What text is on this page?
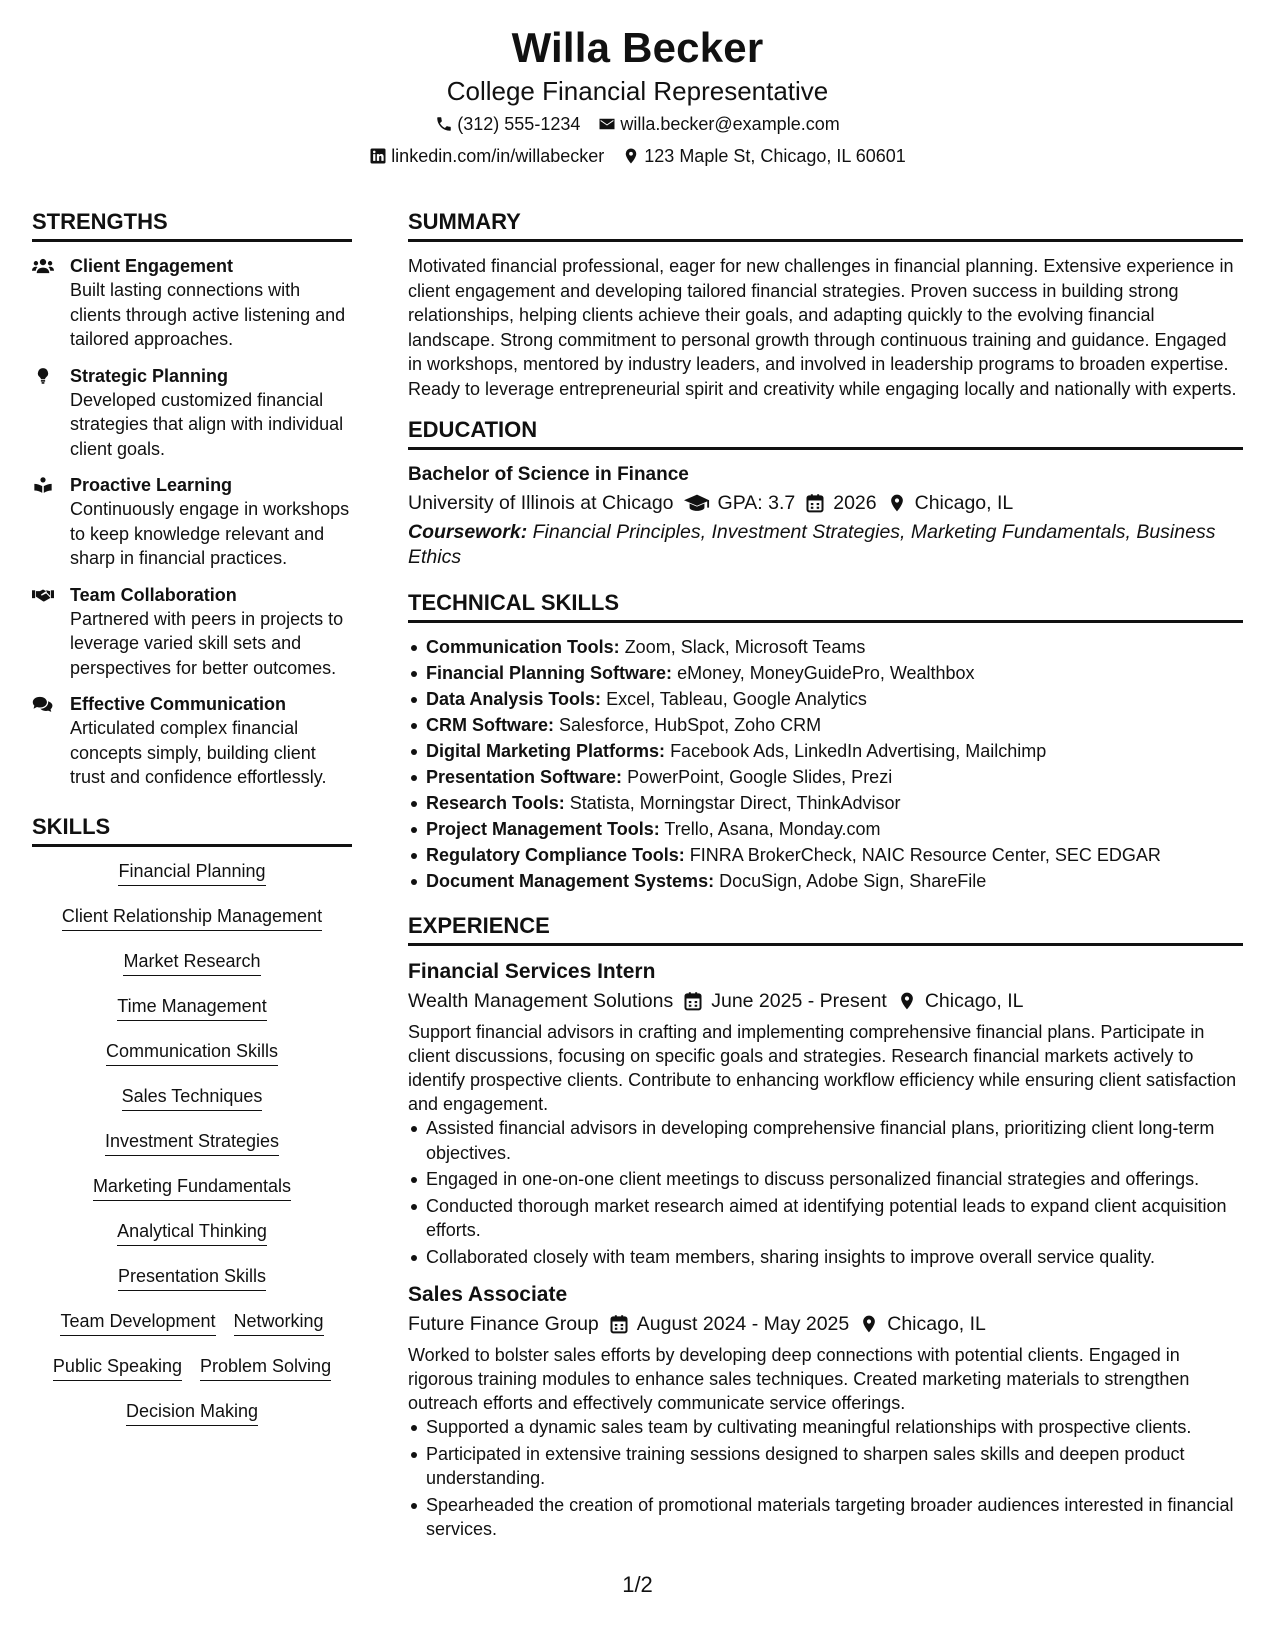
Willa Becker
College Financial Representative
(312) 555-1234 willa.becker@example.com
linkedin.com/in/willabecker 123 Maple St, Chicago, IL 60601
STRENGTHS
Client Engagement
Built lasting connections with clients through active listening and tailored approaches.
Strategic Planning
Developed customized financial strategies that align with individual client goals.
Proactive Learning
Continuously engage in workshops to keep knowledge relevant and sharp in financial practices.
Team Collaboration
Partnered with peers in projects to leverage varied skill sets and perspectives for better outcomes.
Effective Communication
Articulated complex financial concepts simply, building client trust and confidence effortlessly.
SKILLS
Financial Planning
Client Relationship Management
Market Research
Time Management
Communication Skills
Sales Techniques
Investment Strategies
Marketing Fundamentals
Analytical Thinking
Presentation Skills
Team Development Networking
Public Speaking Problem Solving
Decision Making
SUMMARY
Motivated financial professional, eager for new challenges in financial planning. Extensive experience in client engagement and developing tailored financial strategies. Proven success in building strong relationships, helping clients achieve their goals, and adapting quickly to the evolving financial landscape. Strong commitment to personal growth through continuous training and guidance. Engaged in workshops, mentored by industry leaders, and involved in leadership programs to broaden expertise. Ready to leverage entrepreneurial spirit and creativity while engaging locally and nationally with experts.
EDUCATION
Bachelor of Science in Finance
University of Illinois at Chicago GPA: 3.7 2026 Chicago, IL
Coursework: Financial Principles, Investment Strategies, Marketing Fundamentals, Business Ethics
TECHNICAL SKILLS
Communication Tools: Zoom, Slack, Microsoft Teams
Financial Planning Software: eMoney, MoneyGuidePro, Wealthbox
Data Analysis Tools: Excel, Tableau, Google Analytics
CRM Software: Salesforce, HubSpot, Zoho CRM
Digital Marketing Platforms: Facebook Ads, LinkedIn Advertising, Mailchimp
Presentation Software: PowerPoint, Google Slides, Prezi
Research Tools: Statista, Morningstar Direct, ThinkAdvisor
Project Management Tools: Trello, Asana, Monday.com
Regulatory Compliance Tools: FINRA BrokerCheck, NAIC Resource Center, SEC EDGAR
Document Management Systems: DocuSign, Adobe Sign, ShareFile
EXPERIENCE
Financial Services Intern
Wealth Management Solutions June 2025 - Present Chicago, IL
Support financial advisors in crafting and implementing comprehensive financial plans. Participate in client discussions, focusing on specific goals and strategies. Research financial markets actively to identify prospective clients. Contribute to enhancing workflow efficiency while ensuring client satisfaction and engagement.
Assisted financial advisors in developing comprehensive financial plans, prioritizing client long-term objectives.
Engaged in one-on-one client meetings to discuss personalized financial strategies and offerings.
Conducted thorough market research aimed at identifying potential leads to expand client acquisition efforts.
Collaborated closely with team members, sharing insights to improve overall service quality.
Sales Associate
Future Finance Group August 2024 - May 2025 Chicago, IL
Worked to bolster sales efforts by developing deep connections with potential clients. Engaged in rigorous training modules to enhance sales techniques. Created marketing materials to strengthen outreach efforts and effectively communicate service offerings.
Supported a dynamic sales team by cultivating meaningful relationships with prospective clients.
Participated in extensive training sessions designed to sharpen sales skills and deepen product understanding.
Spearheaded the creation of promotional materials targeting broader audiences interested in financial services.
1/2
